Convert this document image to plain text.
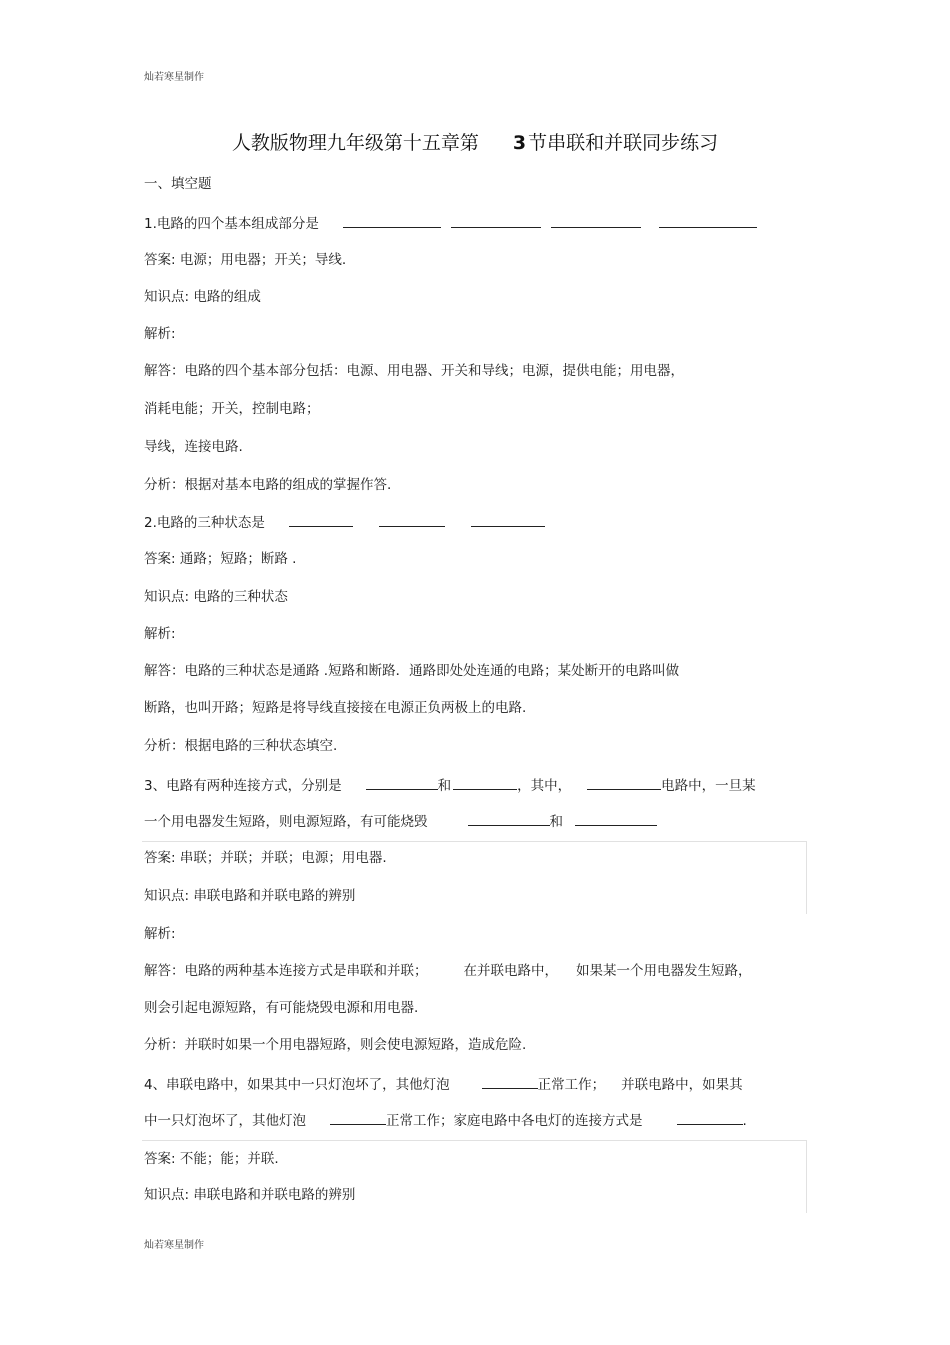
灿若寒星制作
人教版物理九年级第十五章第 3 节串联和并联同步练习
一、填空题
1.电路的四个基本组成部分是
答案: 电源；用电器；开关；导线.
知识点: 电路的组成
解析:
解答：电路的四个基本部分包括：电源、用电器、开关和导线；电源，提供电能；用电器，
消耗电能；开关，控制电路；
导线，连接电路.
分析：根据对基本电路的组成的掌握作答.
2.电路的三种状态是
答案: 通路；短路；断路 .
知识点: 电路的三种状态
解析:
解答：电路的三种状态是通路 .短路和断路．通路即处处连通的电路；某处断开的电路叫做
断路，也叫开路；短路是将导线直接接在电源正负两极上的电路.
分析：根据电路的三种状态填空.
3、电路有两种连接方式，分别是	和	，其中，	电路中，一旦某
一个用电器发生短路，则电源短路，有可能烧毁	和
答案: 串联；并联；并联；电源；用电器.
知识点: 串联电路和并联电路的辨别
解析:
解答：电路的两种基本连接方式是串联和并联；	在并联电路中， 如果某一个用电器发生短路，
则会引起电源短路，有可能烧毁电源和用电器.
分析：并联时如果一个用电器短路，则会使电源短路，造成危险.
4、串联电路中，如果其中一只灯泡坏了，其他灯泡	正常工作； 并联电路中，如果其
中一只灯泡坏了，其他灯泡	正常工作；家庭电路中各电灯的连接方式是	.
答案: 不能；能；并联.
知识点: 串联电路和并联电路的辨别
灿若寒星制作
